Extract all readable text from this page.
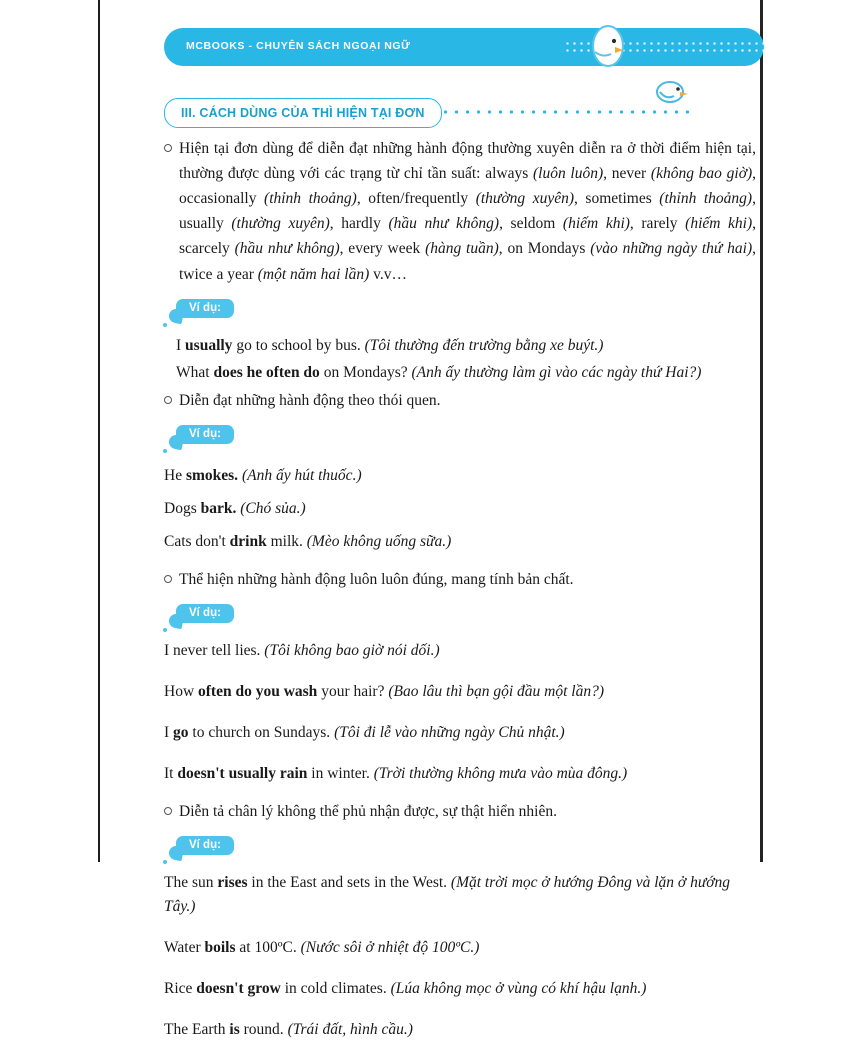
MCBOOKS - CHUYÊN SÁCH NGOẠI NGỮ
III. CÁCH DÙNG CỦA THÌ HIỆN TẠI ĐƠN

Hiện tại đơn dùng để diễn đạt những hành động thường xuyên diễn ra ở thời điểm hiện tại, thường được dùng với các trạng từ chỉ tần suất: always (luôn luôn), never (không bao giờ), occasionally (thỉnh thoảng), often/frequently (thường xuyên), sometimes (thỉnh thoảng), usually (thường xuyên), hardly (hầu như không), seldom (hiếm khi), rarely (hiếm khi), scarcely (hầu như không), every week (hàng tuần), on Mondays (vào những ngày thứ hai), twice a year (một năm hai lần) v.v…

Ví dụ:

I usually go to school by bus. (Tôi thường đến trường bằng xe buýt.)

What does he often do on Mondays? (Anh ấy thường làm gì vào các ngày thứ Hai?)

Diễn đạt những hành động theo thói quen.

Ví dụ:

He smokes. (Anh ấy hút thuốc.)

Dogs bark. (Chó sủa.)

Cats don't drink milk. (Mèo không uống sữa.)

Thể hiện những hành động luôn luôn đúng, mang tính bản chất.

Ví dụ:

I never tell lies. (Tôi không bao giờ nói dối.)

How often do you wash your hair? (Bao lâu thì bạn gội đầu một lần?)

I go to church on Sundays. (Tôi đi lễ vào những ngày Chủ nhật.)

It doesn't usually rain in winter. (Trời thường không mưa vào mùa đông.)

Diễn tả chân lý không thể phủ nhận được, sự thật hiển nhiên.

Ví dụ:

The sun rises in the East and sets in the West. (Mặt trời mọc ở hướng Đông và lặn ở hướng Tây.)

Water boils at 100ºC. (Nước sôi ở nhiệt độ 100ºC.)

Rice doesn't grow in cold climates. (Lúa không mọc ở vùng có khí hậu lạnh.)

The Earth is round. (Trái đất, hình cầu.)
